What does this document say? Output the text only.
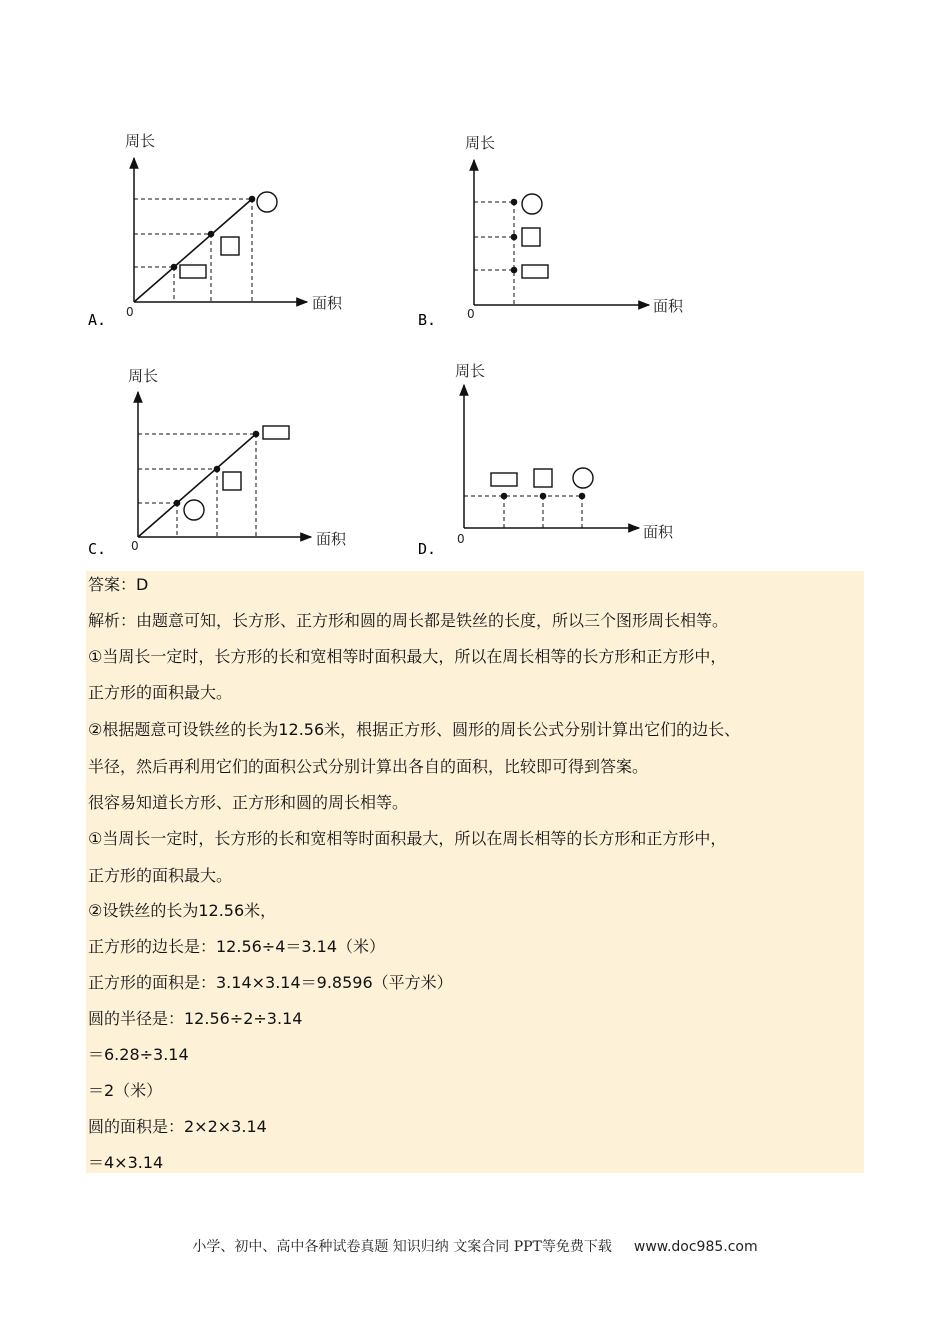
A.
周长
面积
0	B.
周长
面积
0
C.
周长
面积
0	D.
周长
面积
0
答案：D
解析：由题意可知，长方形、正方形和圆的周长都是铁丝的长度，所以三个图形周长相等。
①当周长一定时，长方形的长和宽相等时面积最大，所以在周长相等的长方形和正方形中，
正方形的面积最大。
②根据题意可设铁丝的长为12.56米，根据正方形、圆形的周长公式分别计算出它们的边长、
半径，然后再利用它们的面积公式分别计算出各自的面积，比较即可得到答案。
很容易知道长方形、正方形和圆的周长相等。
①当周长一定时，长方形的长和宽相等时面积最大，所以在周长相等的长方形和正方形中，
正方形的面积最大。
②设铁丝的长为12.56米，
正方形的边长是：12.56÷4＝3.14（米）
正方形的面积是：3.14×3.14＝9.8596（平方米）
圆的半径是：12.56÷2÷3.14
＝6.28÷3.14
＝2（米）
圆的面积是：2×2×3.14
＝4×3.14
小学、初中、高中各种试卷真题 知识归纳 文案合同 PPT等免费下载 www.doc985.com
